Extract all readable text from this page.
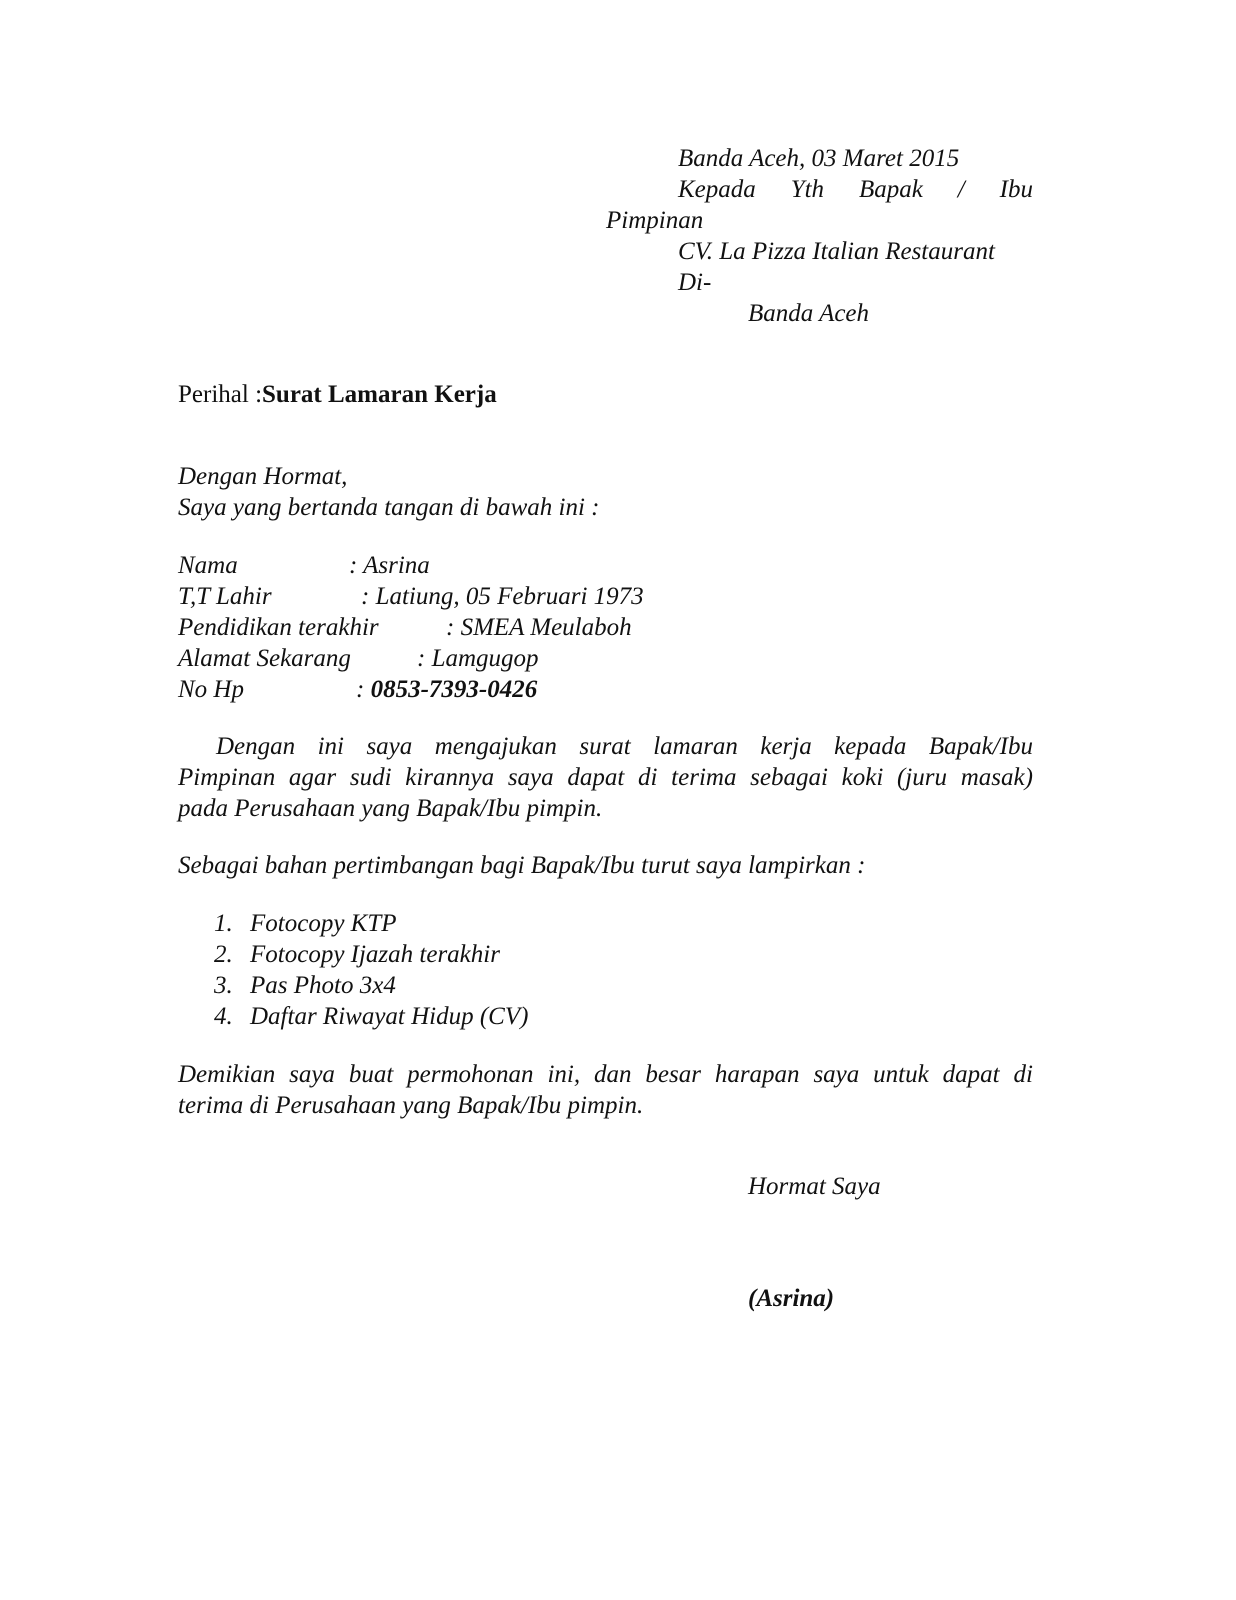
Banda Aceh, 03 Maret 2015
Kepada Yth Bapak / Ibu
Pimpinan
CV. La Pizza Italian Restaurant
Di-
Banda Aceh
Perihal :Surat Lamaran Kerja
Dengan Hormat,
Saya yang bertanda tangan di bawah ini :
Nama	: Asrina
T,T Lahir	: Latiung, 05 Februari 1973
Pendidikan terakhir	: SMEA Meulaboh
Alamat Sekarang	: Lamgugop
No Hp	: 0853-7393-0426
Dengan ini saya mengajukan surat lamaran kerja kepada Bapak/Ibu
Pimpinan agar sudi kirannya saya dapat di terima sebagai koki (juru masak)
pada Perusahaan yang Bapak/Ibu pimpin.
Sebagai bahan pertimbangan bagi Bapak/Ibu turut saya lampirkan :
1. Fotocopy KTP
2. Fotocopy Ijazah terakhir
3. Pas Photo 3x4
4. Daftar Riwayat Hidup (CV)
Demikian saya buat permohonan ini, dan besar harapan saya untuk dapat di
terima di Perusahaan yang Bapak/Ibu pimpin.
Hormat Saya
(Asrina)
